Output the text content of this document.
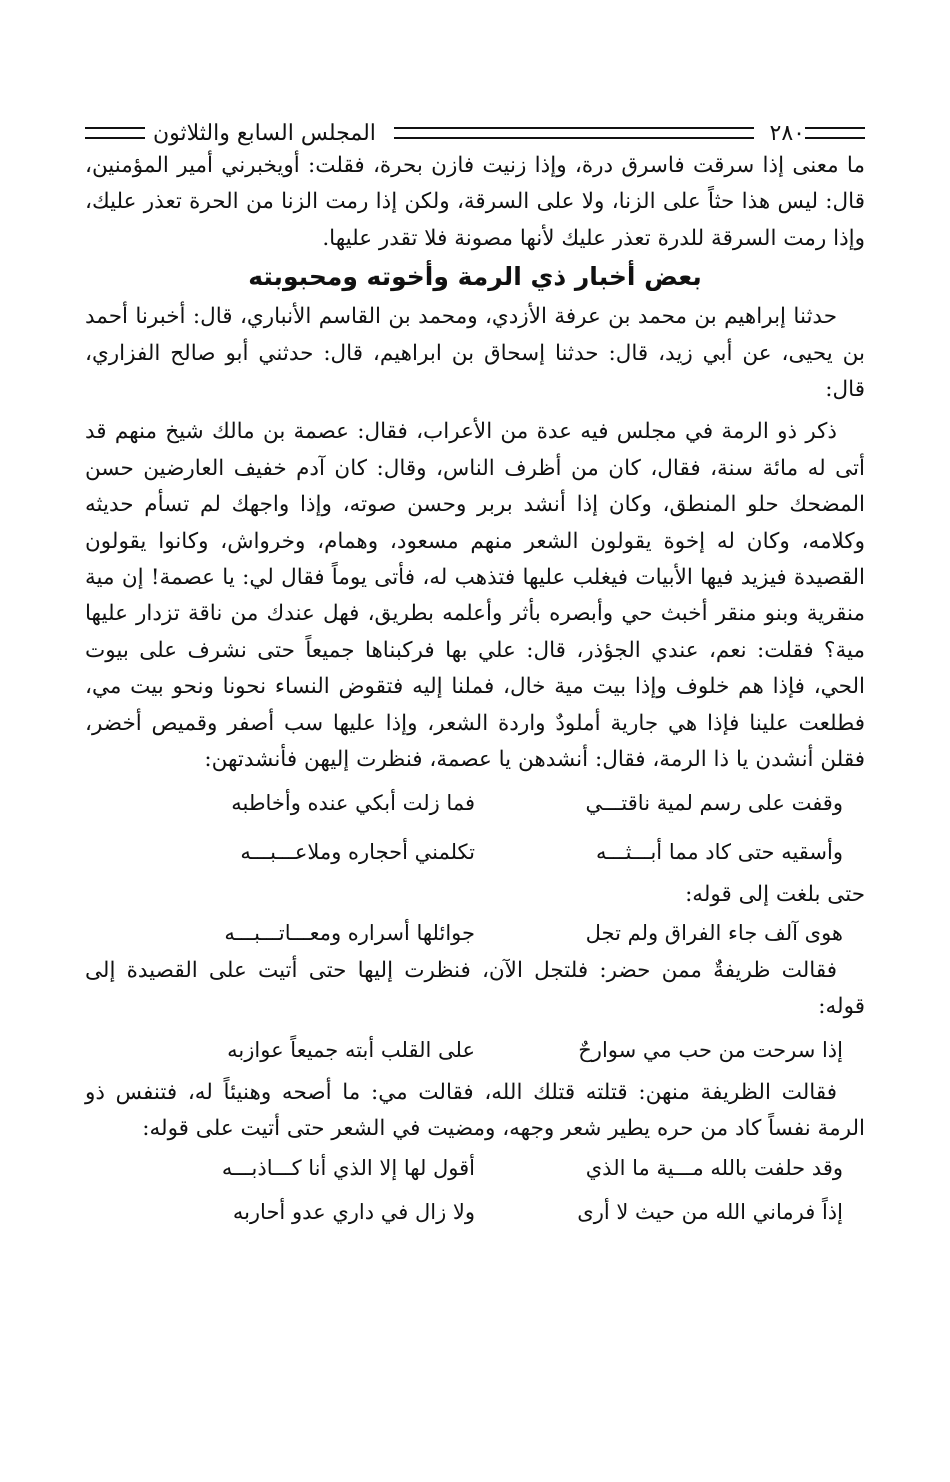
٢٨٠
المجلس السابع والثلاثون

ما معنى إذا سرقت فاسرق درة، وإذا زنيت فازن بحرة، فقلت: أويخبرني أمير المؤمنين، قال: ليس هذا حثاً على الزنا، ولا على السرقة، ولكن إذا رمت الزنا من الحرة تعذر عليك، وإذا رمت السرقة للدرة تعذر عليك لأنها مصونة فلا تقدر عليها.

بعض أخبار ذي الرمة وأخوته ومحبوبته

حدثنا إبراهيم بن محمد بن عرفة الأزدي، ومحمد بن القاسم الأنباري، قال: أخبرنا أحمد بن يحيى، عن أبي زيد، قال: حدثنا إسحاق بن ابراهيم، قال: حدثني أبو صالح الفزاري، قال:

ذكر ذو الرمة في مجلس فيه عدة من الأعراب، فقال: عصمة بن مالك شيخ منهم قد أتى له مائة سنة، فقال، كان من أظرف الناس، وقال: كان آدم خفيف العارضين حسن المضحك حلو المنطق، وكان إذا أنشد بربر وحسن صوته، وإذا واجهك لم تسأم حديثه وكلامه، وكان له إخوة يقولون الشعر منهم مسعود، وهمام، وخرواش، وكانوا يقولون القصيدة فيزيد فيها الأبيات فيغلب عليها فتذهب له، فأتى يوماً فقال لي: يا عصمة! إن مية منقرية وبنو منقر أخبث حي وأبصره بأثر وأعلمه بطريق، فهل عندك من ناقة تزدار عليها مية؟ فقلت: نعم، عندي الجؤذر، قال: علي بها فركبناها جميعاً حتى نشرف على بيوت الحي، فإذا هم خلوف وإذا بيت مية خال، فملنا إليه فتقوض النساء نحونا ونحو بيت مي، فطلعت علينا فإذا هي جارية أملودٌ واردة الشعر، وإذا عليها سب أصفر وقميص أخضر، فقلن أنشدن يا ذا الرمة، فقال: أنشدهن يا عصمة، فنظرت إليهن فأنشدتهن:

وقفت على رسم لمية ناقتـــي
فما زلت أبكي عنده وأخاطبه
وأسقيه حتى كاد مما أبـــثـــه
تكلمني أحجاره وملاعـــبـــه

حتى بلغت إلى قوله:

هوى آلف جاء الفراق ولم تجل
جوائلها أسراره ومعـــاتـــبـــه

فقالت ظريفةٌ ممن حضر: فلتجل الآن، فنظرت إليها حتى أتيت على القصيدة إلى قوله:

إذا سرحت من حب مي سوارحٌ
على القلب أبته جميعاً عوازبه

فقالت الظريفة منهن: قتلته قتلك الله، فقالت مي: ما أصحه وهنيئاً له، فتنفس ذو الرمة نفساً كاد من حره يطير شعر وجهه، ومضيت في الشعر حتى أتيت على قوله:

وقد حلفت بالله مـــية ما الذي
أقول لها إلا الذي أنا كـــاذبـــه
إذاً فرماني الله من حيث لا أرى
ولا زال في داري عدو أحاربه
